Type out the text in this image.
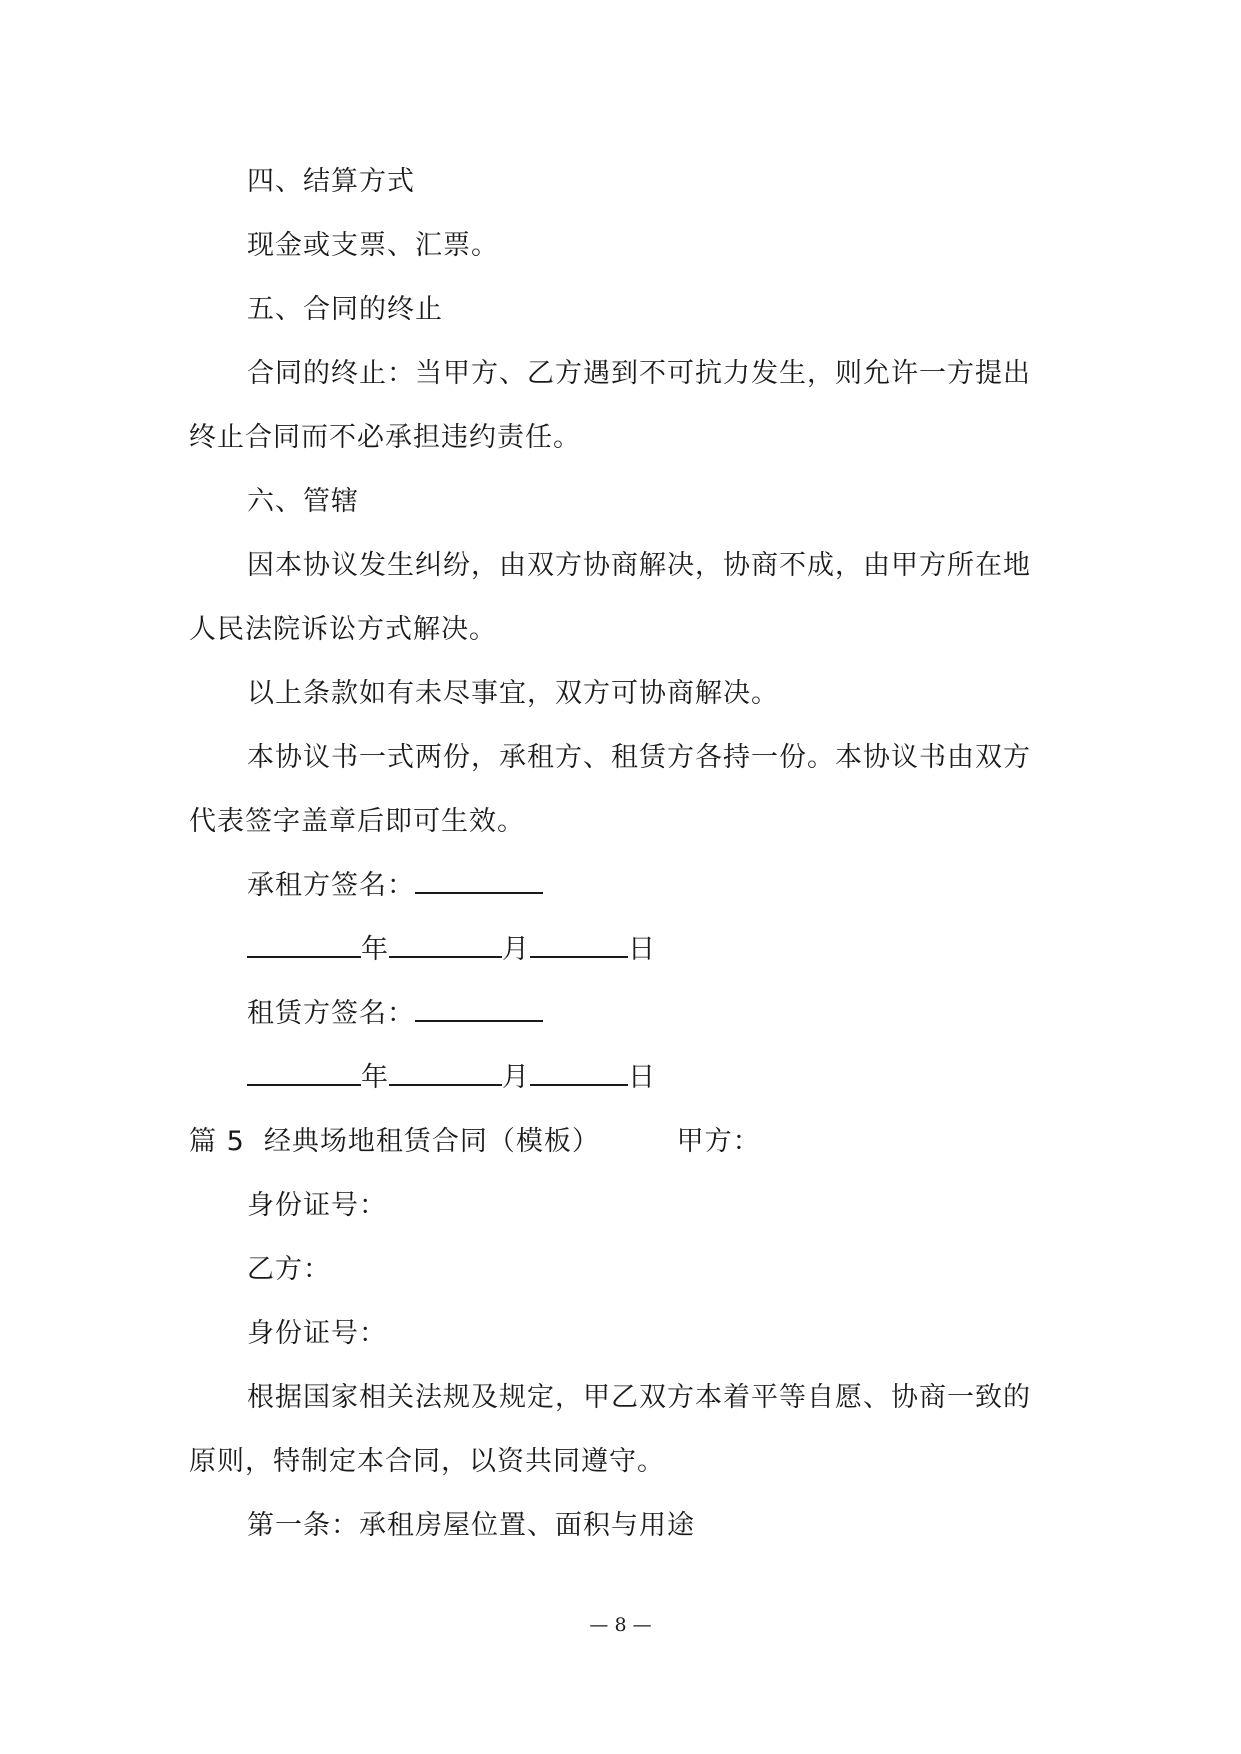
四、结算方式
现金或支票、汇票。
五、合同的终止
合同的终止：当甲方、乙方遇到不可抗力发生，则允许一方提出
终止合同而不必承担违约责任。
六、管辖
因本协议发生纠纷，由双方协商解决，协商不成，由甲方所在地
人民法院诉讼方式解决。
以上条款如有未尽事宜，双方可协商解决。
本协议书一式两份，承租方、租赁方各持一份。本协议书由双方
代表签字盖章后即可生效。
承租方签名：
年	月	日
租赁方签名：
年	月	日
篇 5  经典场地租赁合同（模板）        甲方：
身份证号：
乙方：
身份证号：
根据国家相关法规及规定，甲乙双方本着平等自愿、协商一致的
原则，特制定本合同，以资共同遵守。
第一条：承租房屋位置、面积与用途
— 8 —
